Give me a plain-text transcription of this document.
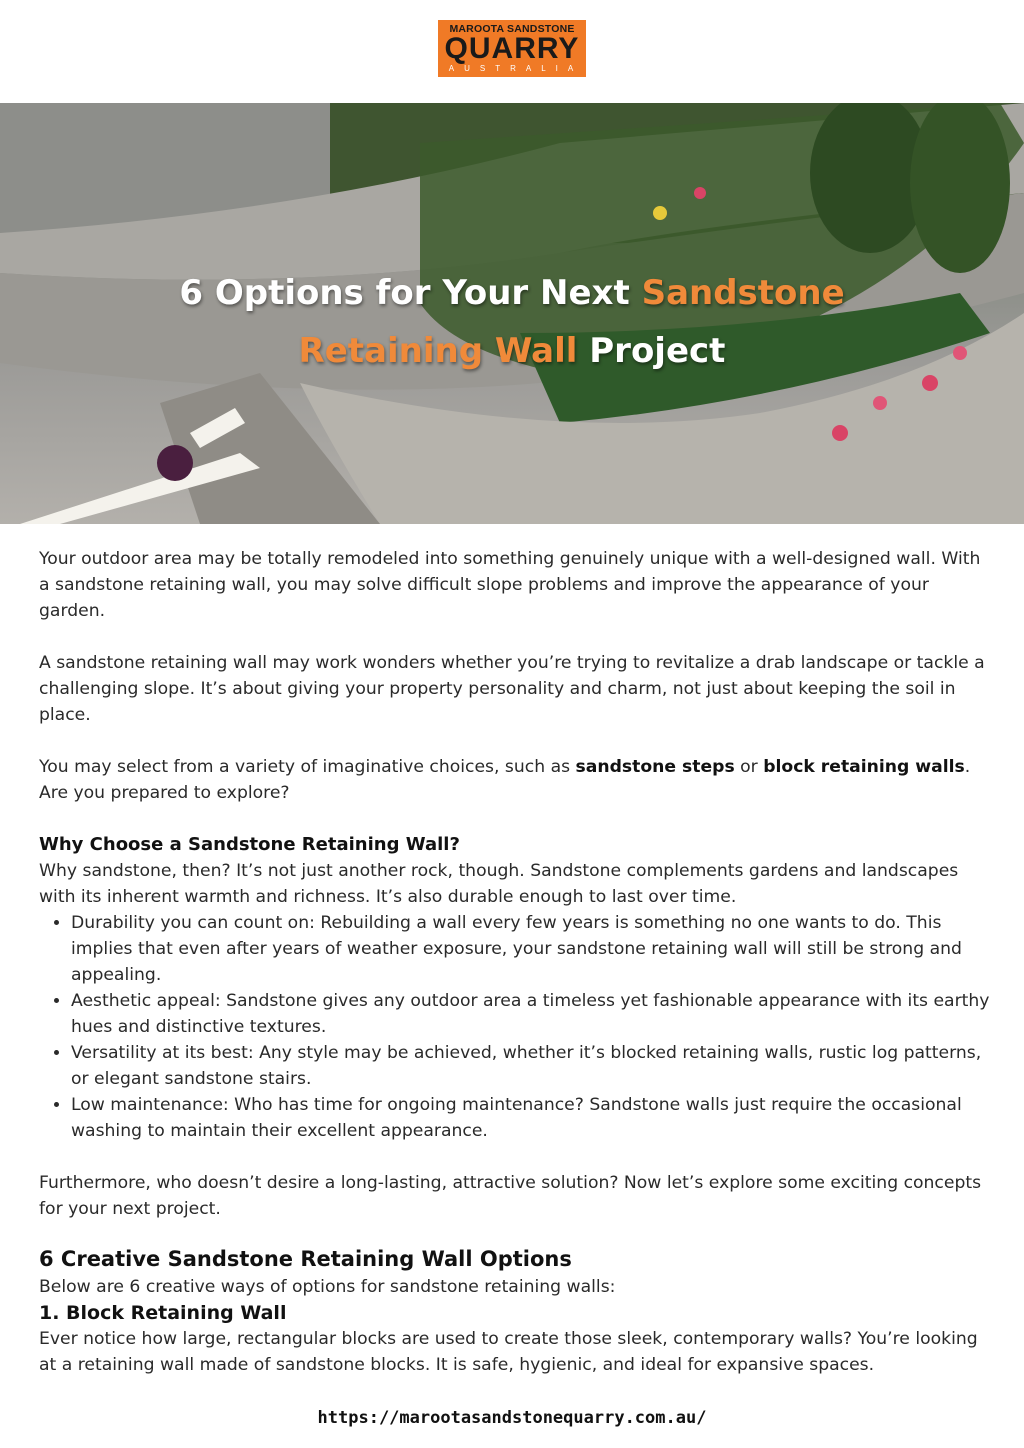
MAROOTA SANDSTONE
QUARRY
AUSTRALIA
6 Options for Your Next Sandstone
Retaining Wall Project

Your outdoor area may be totally remodeled into something genuinely unique with a well-designed wall. With a sandstone retaining wall, you may solve difficult slope problems and improve the appearance of your garden.

A sandstone retaining wall may work wonders whether you’re trying to revitalize a drab landscape or tackle a challenging slope. It’s about giving your property personality and charm, not just about keeping the soil in place.

You may select from a variety of imaginative choices, such as sandstone steps or block retaining walls. Are you prepared to explore?

Why Choose a Sandstone Retaining Wall?

Why sandstone, then? It’s not just another rock, though. Sandstone complements gardens and landscapes with its inherent warmth and richness. It’s also durable enough to last over time.

• Durability you can count on: Rebuilding a wall every few years is something no one wants to do. This implies that even after years of weather exposure, your sandstone retaining wall will still be strong and appealing.
• Aesthetic appeal: Sandstone gives any outdoor area a timeless yet fashionable appearance with its earthy hues and distinctive textures.
• Versatility at its best: Any style may be achieved, whether it’s blocked retaining walls, rustic log patterns, or elegant sandstone stairs.
• Low maintenance: Who has time for ongoing maintenance? Sandstone walls just require the occasional washing to maintain their excellent appearance.

Furthermore, who doesn’t desire a long-lasting, attractive solution? Now let’s explore some exciting concepts for your next project.

6 Creative Sandstone Retaining Wall Options

Below are 6 creative ways of options for sandstone retaining walls:

1. Block Retaining Wall

Ever notice how large, rectangular blocks are used to create those sleek, contemporary walls? You’re looking at a retaining wall made of sandstone blocks. It is safe, hygienic, and ideal for expansive spaces.

https://marootasandstonequarry.com.au/
